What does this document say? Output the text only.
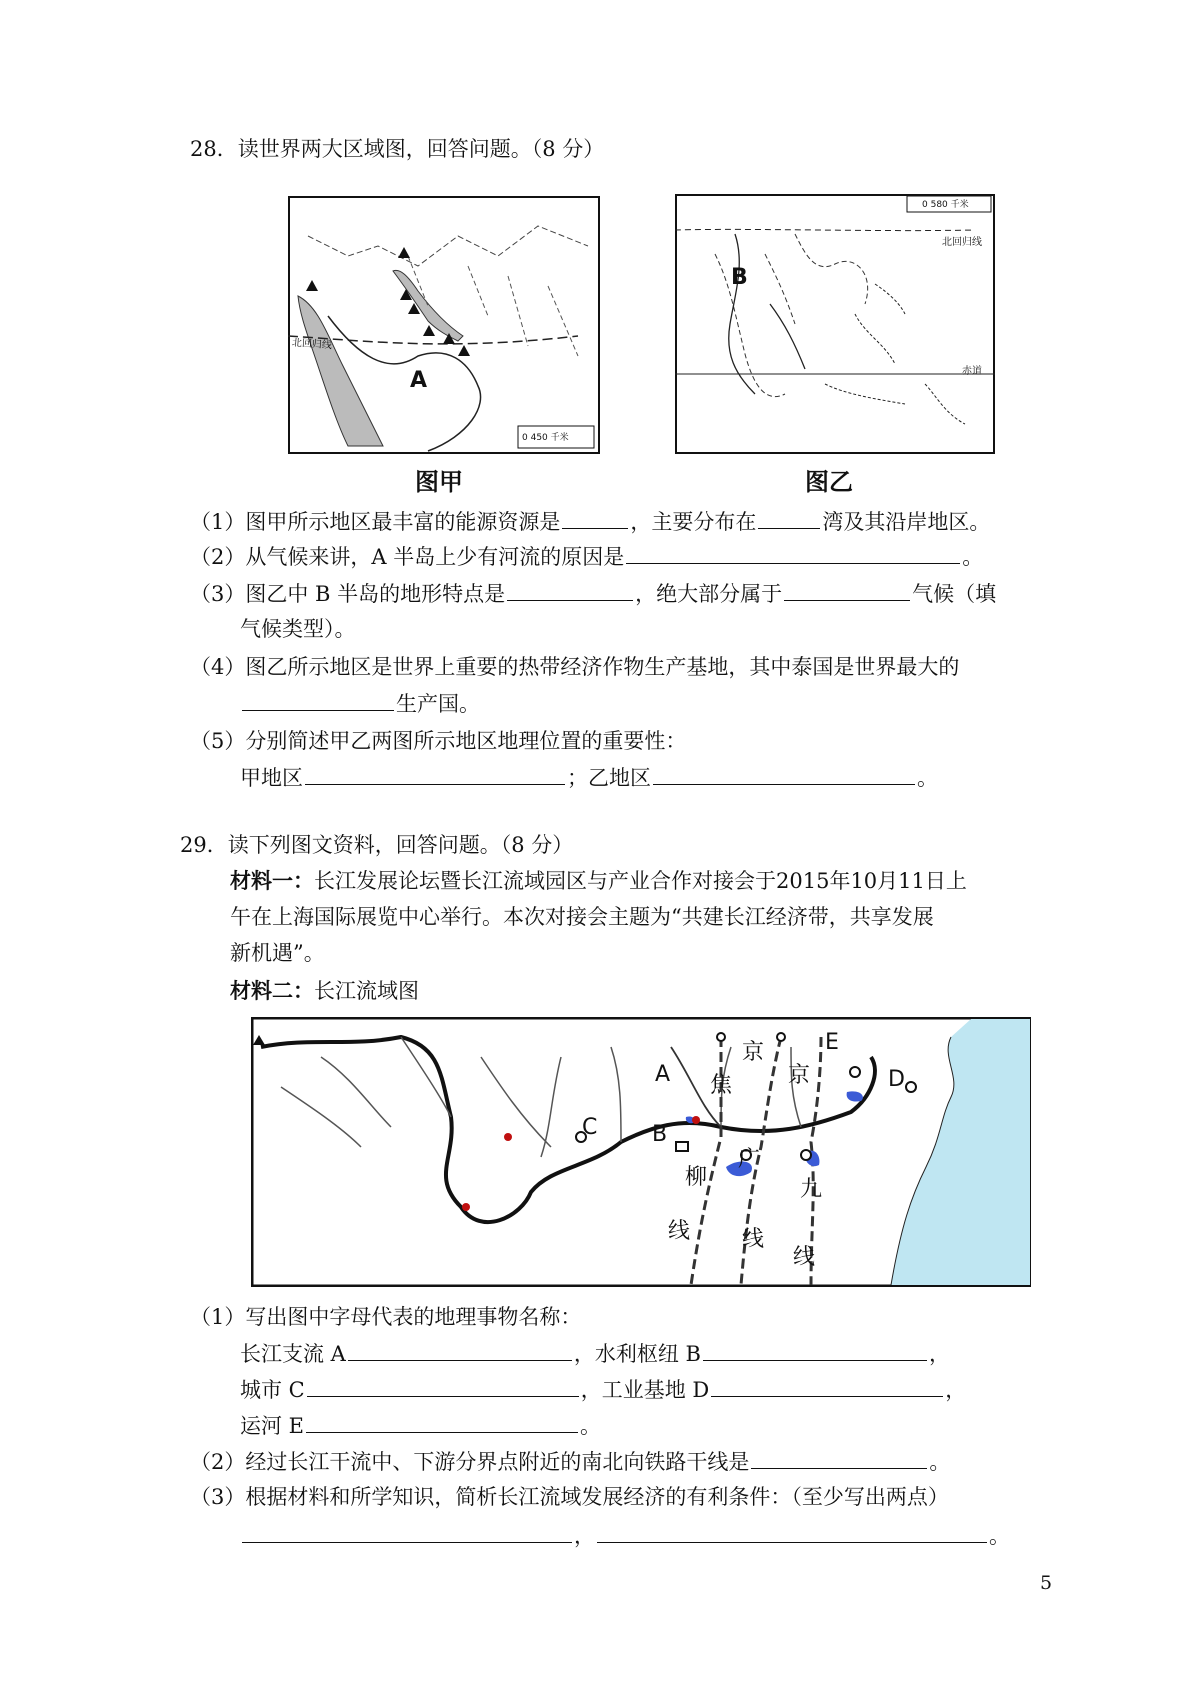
28．读世界两大区域图，回答问题。（8 分）
A
北回归线
0 450 千米
图甲
B
北回归线
赤道
0 580 千米
图乙
（1）图甲所示地区最丰富的能源资源是	，主要分布在	湾及其沿岸地区。
（2）从气候来讲，A 半岛上少有河流的原因是	。
（3）图乙中 B 半岛的地形特点是	，绝大部分属于	气候（填
气候类型）。
（4）图乙所示地区是世界上重要的热带经济作物生产基地，其中泰国是世界最大的
生产国。
（5）分别简述甲乙两图所示地区地理位置的重要性：
甲地区	；乙地区	。
29．读下列图文资料，回答问题。（8 分）
材料一：长江发展论坛暨长江流域园区与产业合作对接会于2015年10月11日上
午在上海国际展览中心举行。本次对接会主题为“共建长江经济带，共享发展
新机遇”。
材料二：长江流域图
A
B
C
D
E
京
焦	京
柳
广
九
线 线
线
（1）写出图中字母代表的地理事物名称：
长江支流 A	，水利枢纽 B	，
城市 C	，工业基地 D	，
运河 E	。
（2）经过长江干流中、下游分界点附近的南北向铁路干线是	。
（3）根据材料和所学知识，简析长江流域发展经济的有利条件：（至少写出两点）
，	。
5
